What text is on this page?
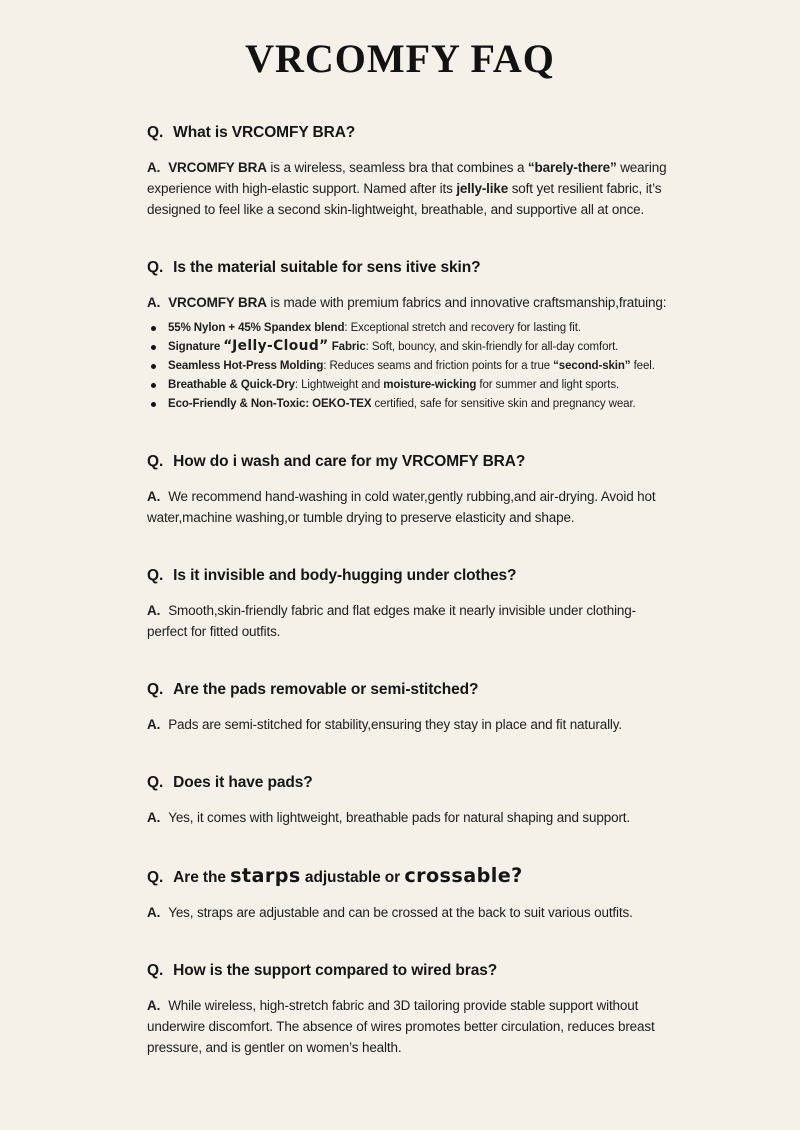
VRCOMFY FAQ

Q. What is VRCOMFY BRA?

A. VRCOMFY BRA is a wireless, seamless bra that combines a “barely-there” wearing experience with high-elastic support. Named after its jelly-like soft yet resilient fabric, it’s designed to feel like a second skin-lightweight, breathable, and supportive all at once.

Q. Is the material suitable for sens itive skin?

A. VRCOMFY BRA is made with premium fabrics and innovative craftsmanship,fratuing:

55% Nylon + 45% Spandex blend: Exceptional stretch and recovery for lasting fit.
Signature “Jelly-Cloud” Fabric: Soft, bouncy, and skin-friendly for all-day comfort.
Seamless Hot-Press Molding: Reduces seams and friction points for a true “second-skin” feel.
Breathable & Quick-Dry: Lightweight and moisture-wicking for summer and light sports.
Eco-Friendly & Non-Toxic: OEKO-TEX certified, safe for sensitive skin and pregnancy wear.

Q. How do i wash and care for my VRCOMFY BRA?

A. We recommend hand-washing in cold water,gently rubbing,and air-drying. Avoid hot water,machine washing,or tumble drying to preserve elasticity and shape.

Q. Is it invisible and body-hugging under clothes?

A. Smooth,skin-friendly fabric and flat edges make it nearly invisible under clothing-perfect for fitted outfits.

Q. Are the pads removable or semi-stitched?

A. Pads are semi-stitched for stability,ensuring they stay in place and fit naturally.

Q. Does it have pads?

A. Yes, it comes with lightweight, breathable pads for natural shaping and support.

Q. Are the starps adjustable or crossable?

A. Yes, straps are adjustable and can be crossed at the back to suit various outfits.

Q. How is the support compared to wired bras?

A. While wireless, high-stretch fabric and 3D tailoring provide stable support without underwire discomfort. The absence of wires promotes better circulation, reduces breast pressure, and is gentler on women’s health.
